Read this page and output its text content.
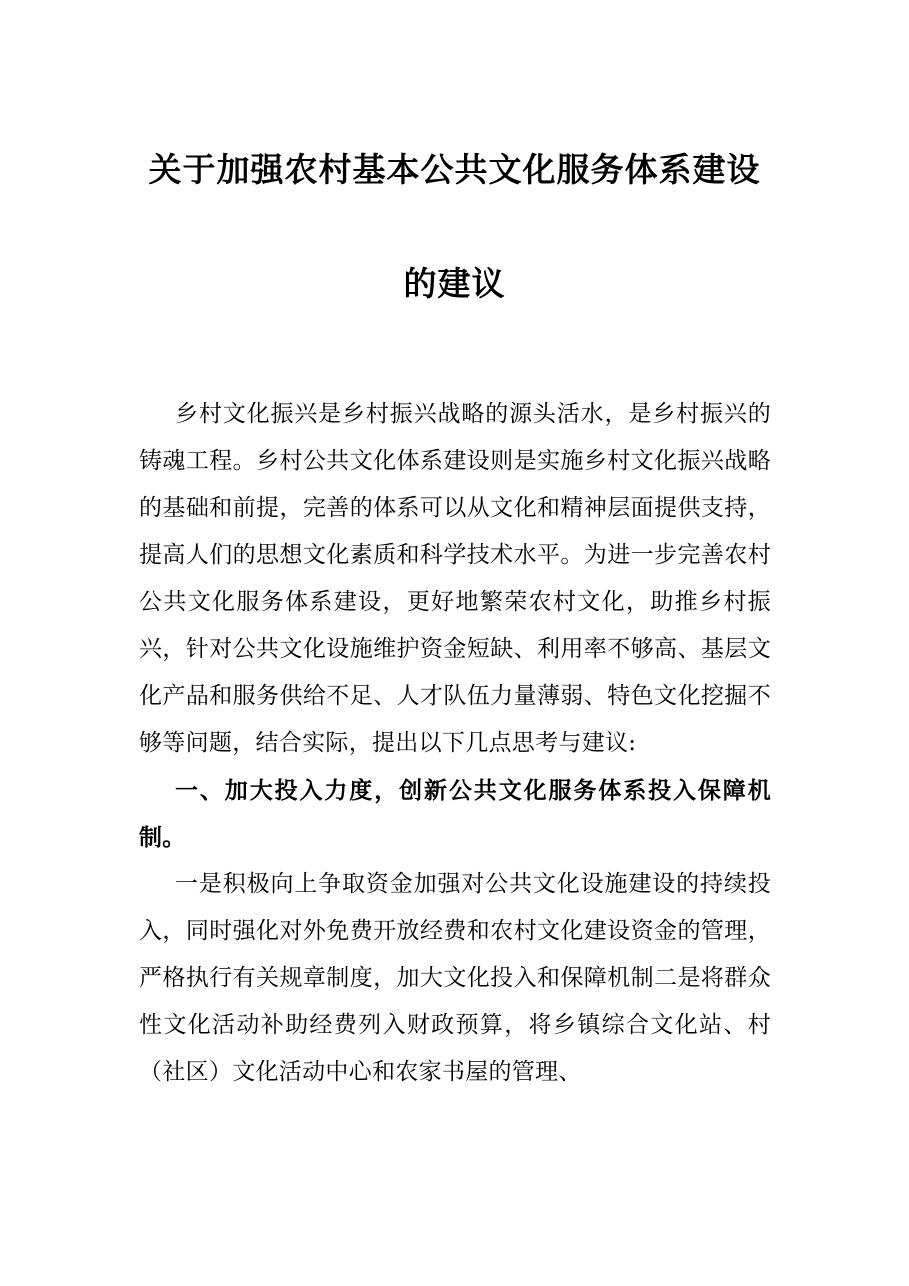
关于加强农村基本公共文化服务体系建设
的建议

乡村文化振兴是乡村振兴战略的源头活水，是乡村振兴的铸魂工程。乡村公共文化体系建设则是实施乡村文化振兴战略的基础和前提，完善的体系可以从文化和精神层面提供支持，提高人们的思想文化素质和科学技术水平。为进一步完善农村公共文化服务体系建设，更好地繁荣农村文化，助推乡村振兴，针对公共文化设施维护资金短缺、利用率不够高、基层文化产品和服务供给不足、人才队伍力量薄弱、特色文化挖掘不够等问题，结合实际，提出以下几点思考与建议:

一、加大投入力度，创新公共文化服务体系投入保障机制。

一是积极向上争取资金加强对公共文化设施建设的持续投入，同时强化对外免费开放经费和农村文化建设资金的管理，严格执行有关规章制度，加大文化投入和保障机制二是将群众性文化活动补助经费列入财政预算，将乡镇综合文化站、村（社区）文化活动中心和农家书屋的管理、
